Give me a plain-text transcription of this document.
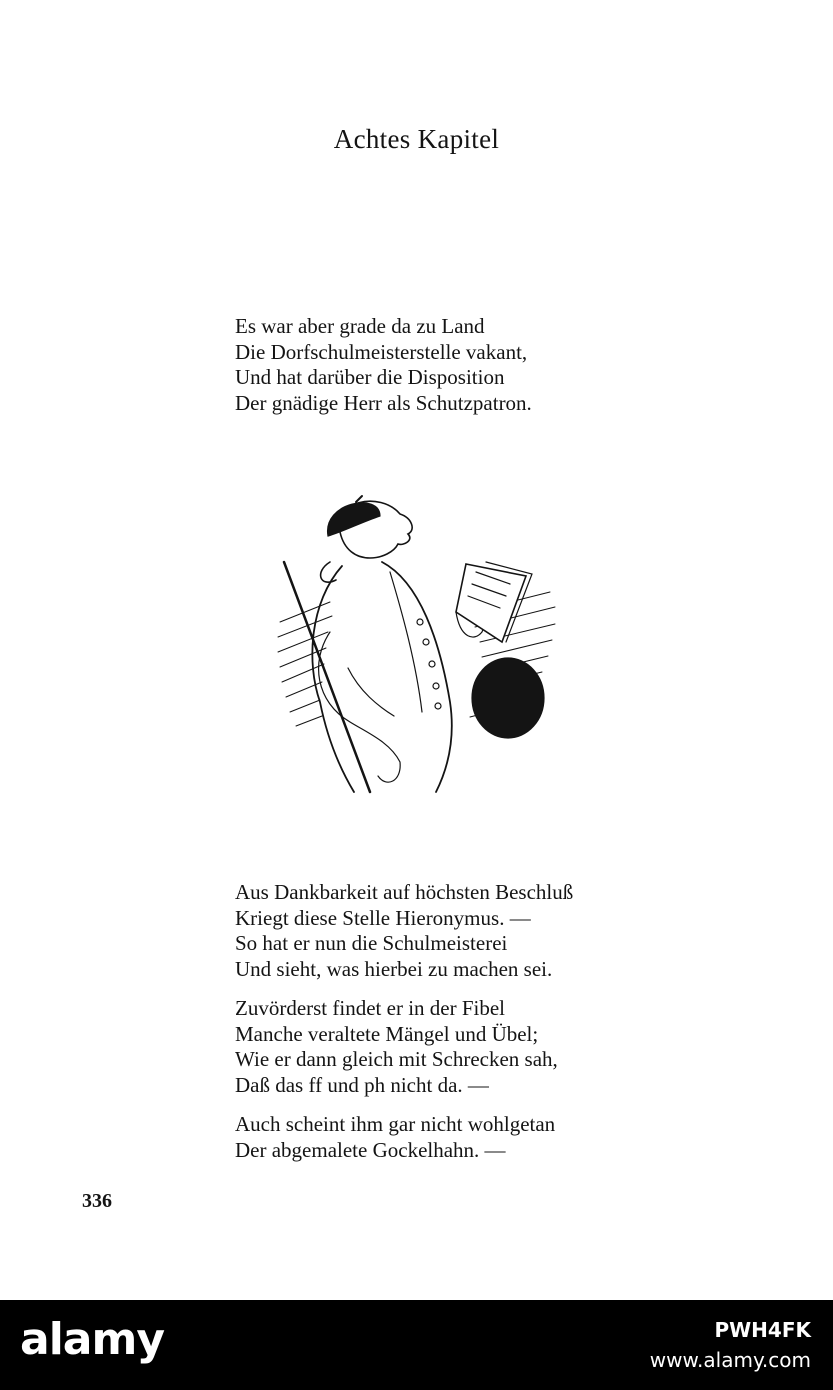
Achtes Kapitel
Es war aber grade da zu Land
Die Dorfschulmeisterstelle vakant,
Und hat darüber die Disposition
Der gnädige Herr als Schutzpatron.
Aus Dankbarkeit auf höchsten Beschluß
Kriegt diese Stelle Hieronymus. —
So hat er nun die Schulmeisterei
Und sieht, was hierbei zu machen sei.
Zuvörderst findet er in der Fibel
Manche veraltete Mängel und Übel;
Wie er dann gleich mit Schrecken sah,
Daß das ff und ph nicht da. —
Auch scheint ihm gar nicht wohlgetan
Der abgemalete Gockelhahn. —
336
alamy	PWH4FK
www.alamy.com
